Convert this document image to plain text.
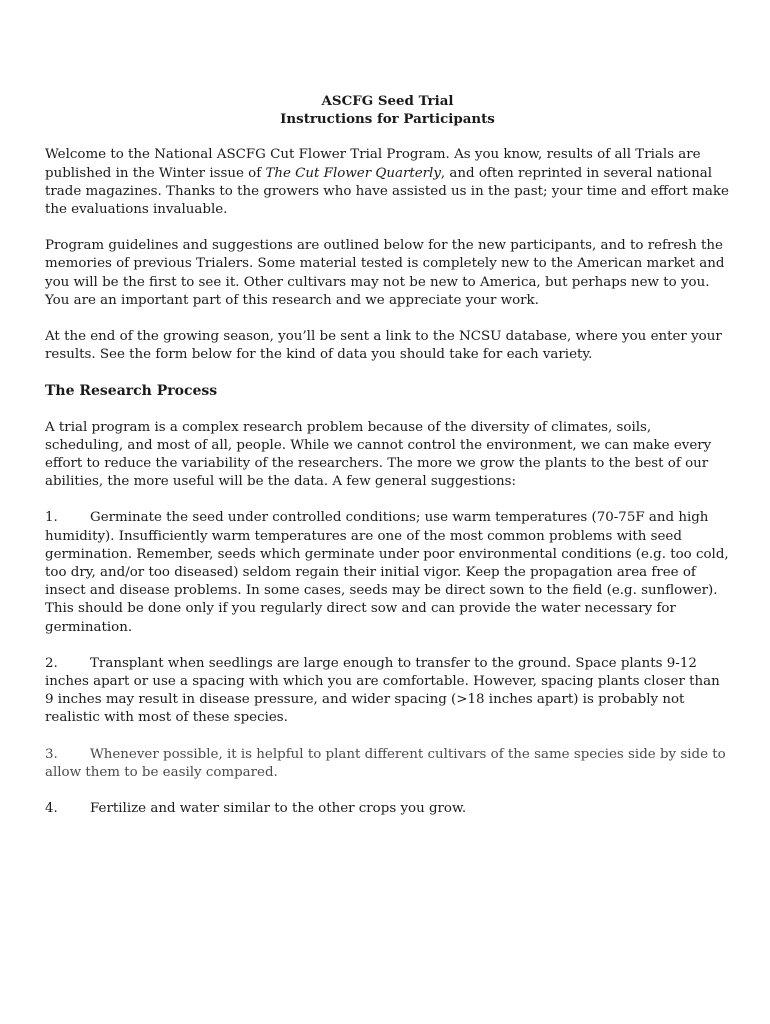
ASCFG Seed Trial
Instructions for Participants

Welcome to the National ASCFG Cut Flower Trial Program. As you know, results of all Trials are published in the Winter issue of The Cut Flower Quarterly, and often reprinted in several national trade magazines. Thanks to the growers who have assisted us in the past; your time and effort make the evaluations invaluable.

Program guidelines and suggestions are outlined below for the new participants, and to refresh the memories of previous Trialers. Some material tested is completely new to the American market and you will be the first to see it. Other cultivars may not be new to America, but perhaps new to you. You are an important part of this research and we appreciate your work.

At the end of the growing season, you’ll be sent a link to the NCSU database, where you enter your results. See the form below for the kind of data you should take for each variety.

The Research Process

A trial program is a complex research problem because of the diversity of climates, soils, scheduling, and most of all, people. While we cannot control the environment, we can make every effort to reduce the variability of the researchers. The more we grow the plants to the best of our abilities, the more useful will be the data. A few general suggestions:

1. Germinate the seed under controlled conditions; use warm temperatures (70-75F and high humidity). Insufficiently warm temperatures are one of the most common problems with seed germination. Remember, seeds which germinate under poor environmental conditions (e.g. too cold, too dry, and/or too diseased) seldom regain their initial vigor. Keep the propagation area free of insect and disease problems. In some cases, seeds may be direct sown to the field (e.g. sunflower). This should be done only if you regularly direct sow and can provide the water necessary for germination.
2. Transplant when seedlings are large enough to transfer to the ground. Space plants 9-12 inches apart or use a spacing with which you are comfortable. However, spacing plants closer than 9 inches may result in disease pressure, and wider spacing (>18 inches apart) is probably not realistic with most of these species.
3. Whenever possible, it is helpful to plant different cultivars of the same species side by side to allow them to be easily compared.
4. Fertilize and water similar to the other crops you grow.
